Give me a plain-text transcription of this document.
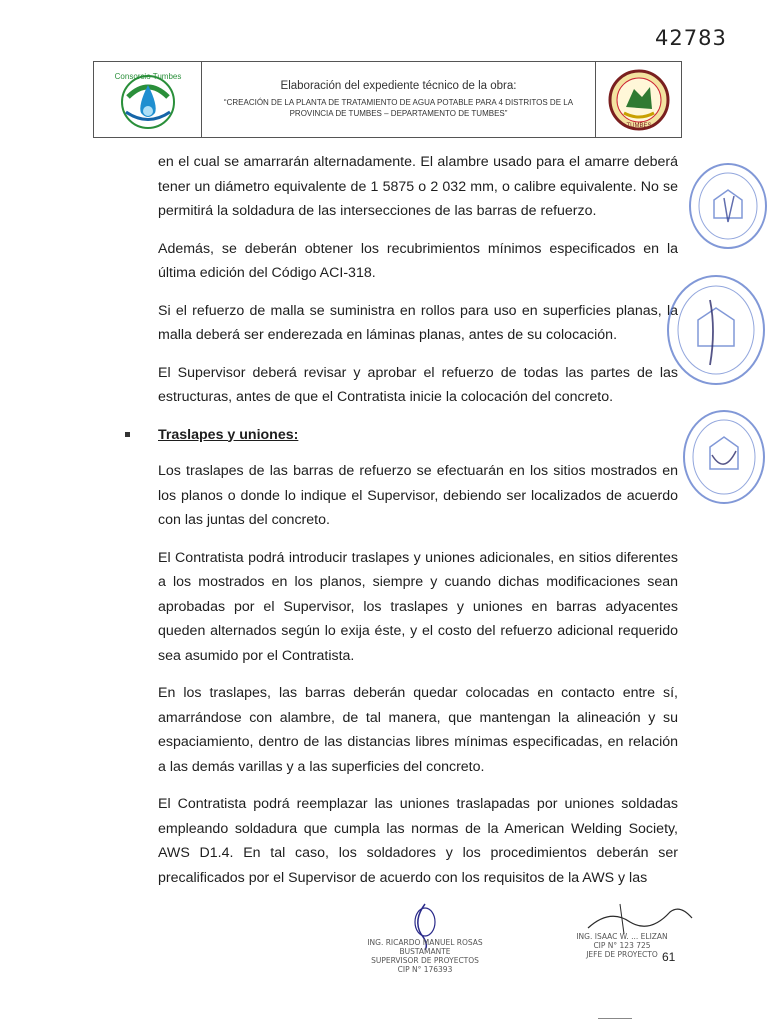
42783
Consorcio Tumbes
Elaboración del expediente técnico de la obra:
“CREACIÓN DE LA PLANTA DE TRATAMIENTO DE AGUA POTABLE PARA 4 DISTRITOS DE LA PROVINCIA DE TUMBES – DEPARTAMENTO DE TUMBES”
TUMBES

en el cual se amarrarán alternadamente. El alambre usado para el amarre deberá tener un diámetro equivalente de 1 5875 o 2 032 mm, o calibre equivalente. No se permitirá la soldadura de las intersecciones de las barras de refuerzo.

Además, se deberán obtener los recubrimientos mínimos especificados en la última edición del Código ACI-318.

Si el refuerzo de malla se suministra en rollos para uso en superficies planas, la malla deberá ser enderezada en láminas planas, antes de su colocación.

El Supervisor deberá revisar y aprobar el refuerzo de todas las partes de las estructuras, antes de que el Contratista inicie la colocación del concreto.

Traslapes y uniones:

Los traslapes de las barras de refuerzo se efectuarán en los sitios mostrados en los planos o donde lo indique el Supervisor, debiendo ser localizados de acuerdo con las juntas del concreto.

El Contratista podrá introducir traslapes y uniones adicionales, en sitios diferentes a los mostrados en los planos, siempre y cuando dichas modificaciones sean aprobadas por el Supervisor, los traslapes y uniones en barras adyacentes queden alternados según lo exija éste, y el costo del refuerzo adicional requerido sea asumido por el Contratista.

En los traslapes, las barras deberán quedar colocadas en contacto entre sí, amarrándose con alambre, de tal manera, que mantengan la alineación y su espaciamiento, dentro de las distancias libres mínimas especificadas, en relación a las demás varillas y a las superficies del concreto.

El Contratista podrá reemplazar las uniones traslapadas por uniones soldadas empleando soldadura que cumpla las normas de la American Welding Society, AWS D1.4. En tal caso, los soldadores y los procedimientos deberán ser precalificados por el Supervisor de acuerdo con los requisitos de la AWS y las

ING. RICARDO MANUEL ROSAS BUSTAMANTE
SUPERVISOR DE PROYECTOS
CIP N° 176393
ING. ISAAC W. ... ELIZAN
CIP N° 123 725
JEFE DE PROYECTO 61
